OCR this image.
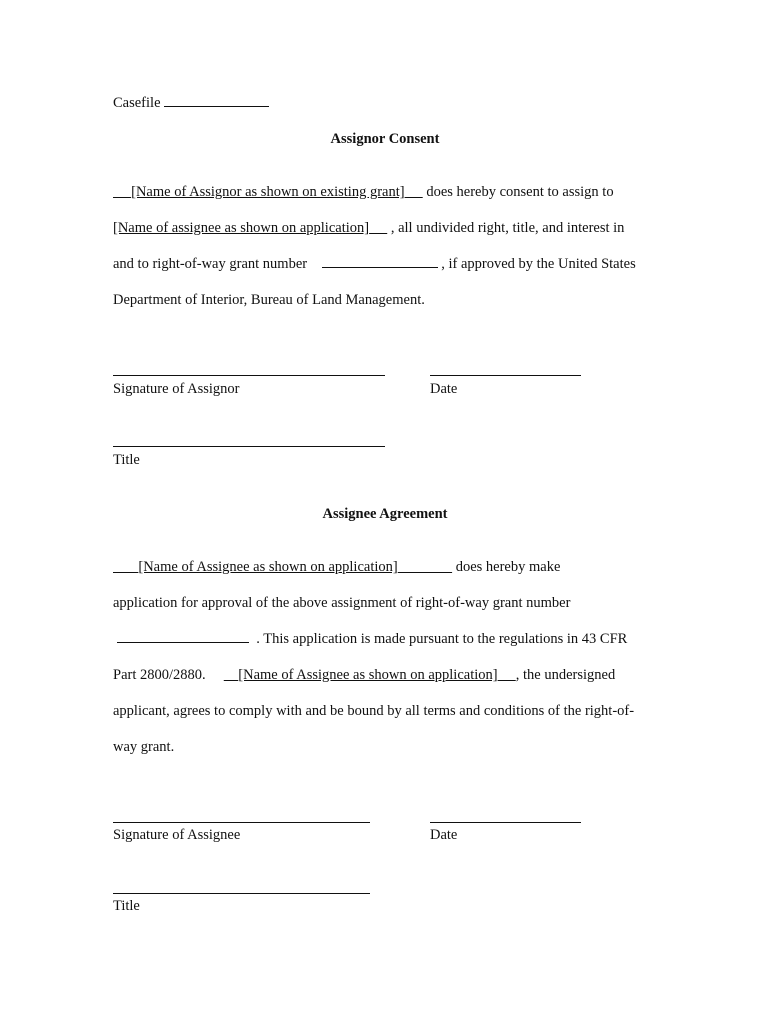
Casefile
Assignor Consent
[Name of Assignor as shown on existing grant]      does hereby consent to assign to
[Name of assignee as shown on application]      , all undivided right, title, and interest in
and to right-of-way grant number	, if approved by the United States
Department of Interior, Bureau of Land Management.
Signature of Assignor	Date
Title
Assignee Agreement
[Name of Assignee as shown on application]	does hereby make
application for approval of the above assignment of right-of-way grant number
. This application is made pursuant to the regulations in 43 CFR
Part 2800/2880. [Name of Assignee as shown on application] , the undersigned
applicant, agrees to comply with and be bound by all terms and conditions of the right-of-
way grant.
Signature of Assignee	Date
Title
